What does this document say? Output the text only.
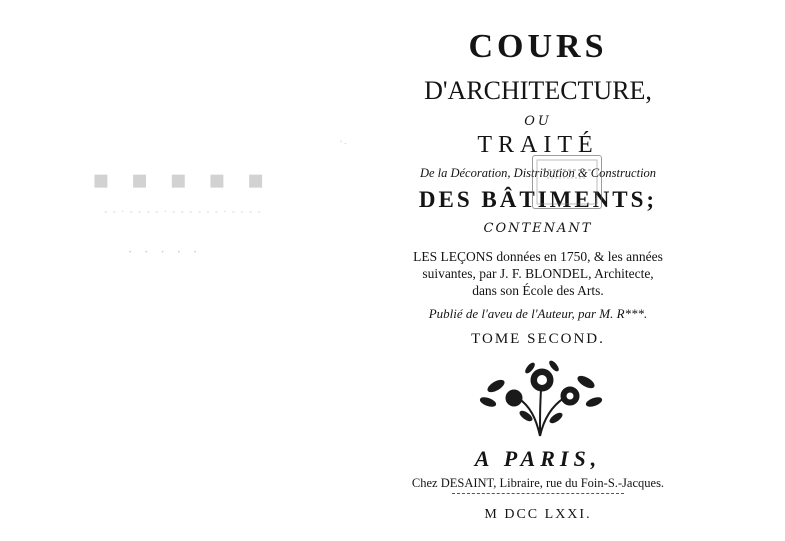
▪ ▪ ▪ ▪ ▪
- - · - - - - · - - - - - - · - - - -
· · · · ·
' ·
COURS
D'ARCHITECTURE,
OU
TRAITÉ
De la Décoration, Distribution & Construction
DES BÂTIMENTS;
CONTENANT
LES LEÇONS données en 1750, & les années
suivantes, par J. F. BLONDEL, Architecte,
dans son École des Arts.
Publié de l'aveu de l'Auteur, par M. R***.
TOME SECOND.
A PARIS,
Chez DESAINT, Libraire, rue du Foin-S.-Jacques.
M DCC LXXI.
